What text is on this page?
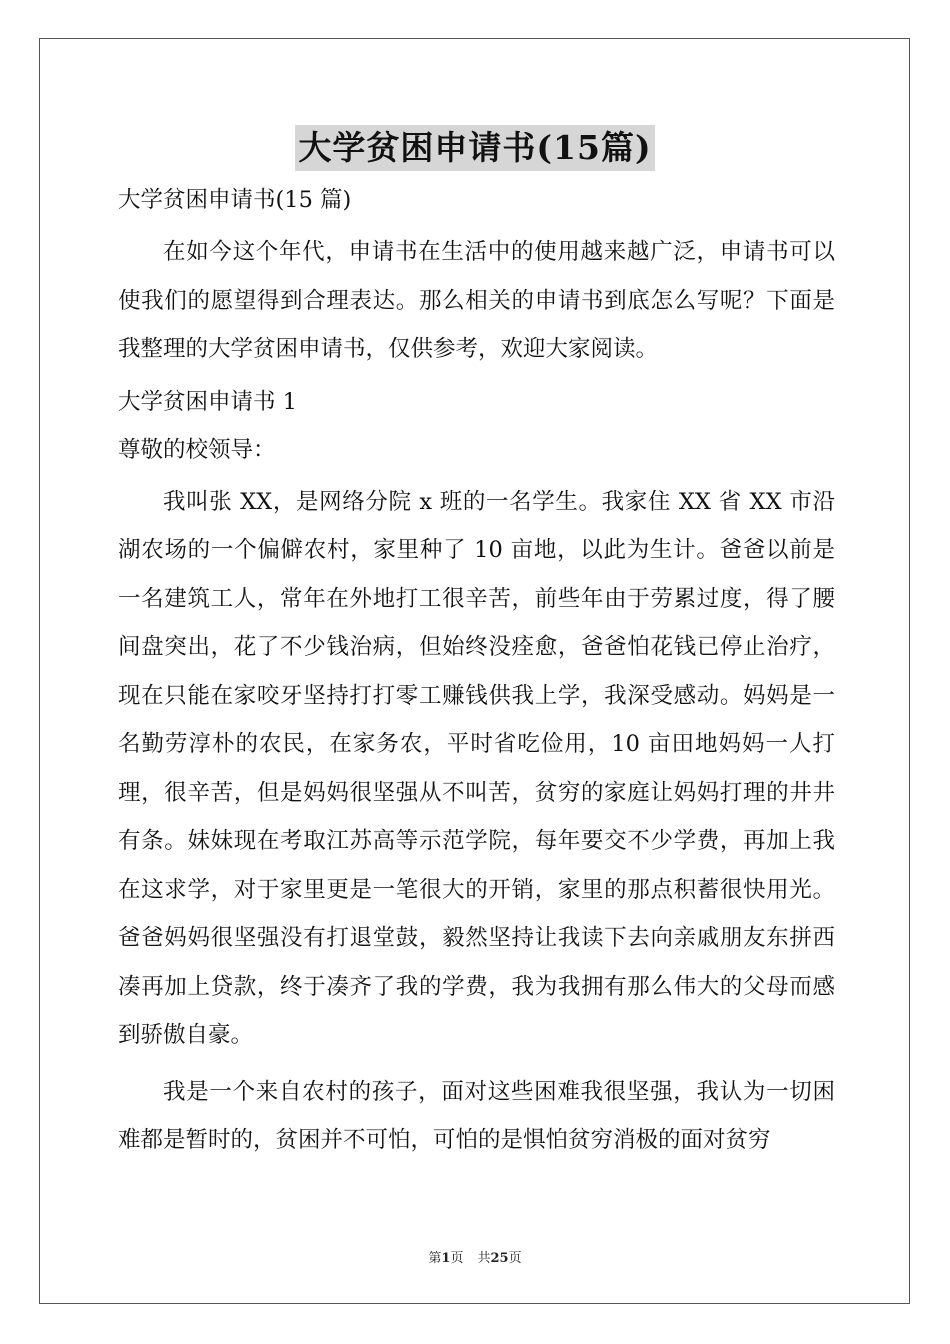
大学贫困申请书(15篇)
大学贫困申请书(15 篇)

在如今这个年代，申请书在生活中的使用越来越广泛，申请书可以使我们的愿望得到合理表达。那么相关的申请书到底怎么写呢？下面是我整理的大学贫困申请书，仅供参考，欢迎大家阅读。

大学贫困申请书 1
尊敬的校领导：

我叫张 XX，是网络分院 x 班的一名学生。我家住 XX 省 XX 市沿湖农场的一个偏僻农村，家里种了 10 亩地，以此为生计。爸爸以前是一名建筑工人，常年在外地打工很辛苦，前些年由于劳累过度，得了腰间盘突出，花了不少钱治病，但始终没痊愈，爸爸怕花钱已停止治疗，现在只能在家咬牙坚持打打零工赚钱供我上学，我深受感动。妈妈是一名勤劳淳朴的农民，在家务农，平时省吃俭用，10 亩田地妈妈一人打理，很辛苦，但是妈妈很坚强从不叫苦，贫穷的家庭让妈妈打理的井井有条。妹妹现在考取江苏高等示范学院，每年要交不少学费，再加上我在这求学，对于家里更是一笔很大的开销，家里的那点积蓄很快用光。爸爸妈妈很坚强没有打退堂鼓，毅然坚持让我读下去向亲戚朋友东拼西凑再加上贷款，终于凑齐了我的学费，我为我拥有那么伟大的父母而感到骄傲自豪。

我是一个来自农村的孩子，面对这些困难我很坚强，我认为一切困难都是暂时的，贫困并不可怕，可怕的是惧怕贫穷消极的面对贫穷

第1页 共25页
